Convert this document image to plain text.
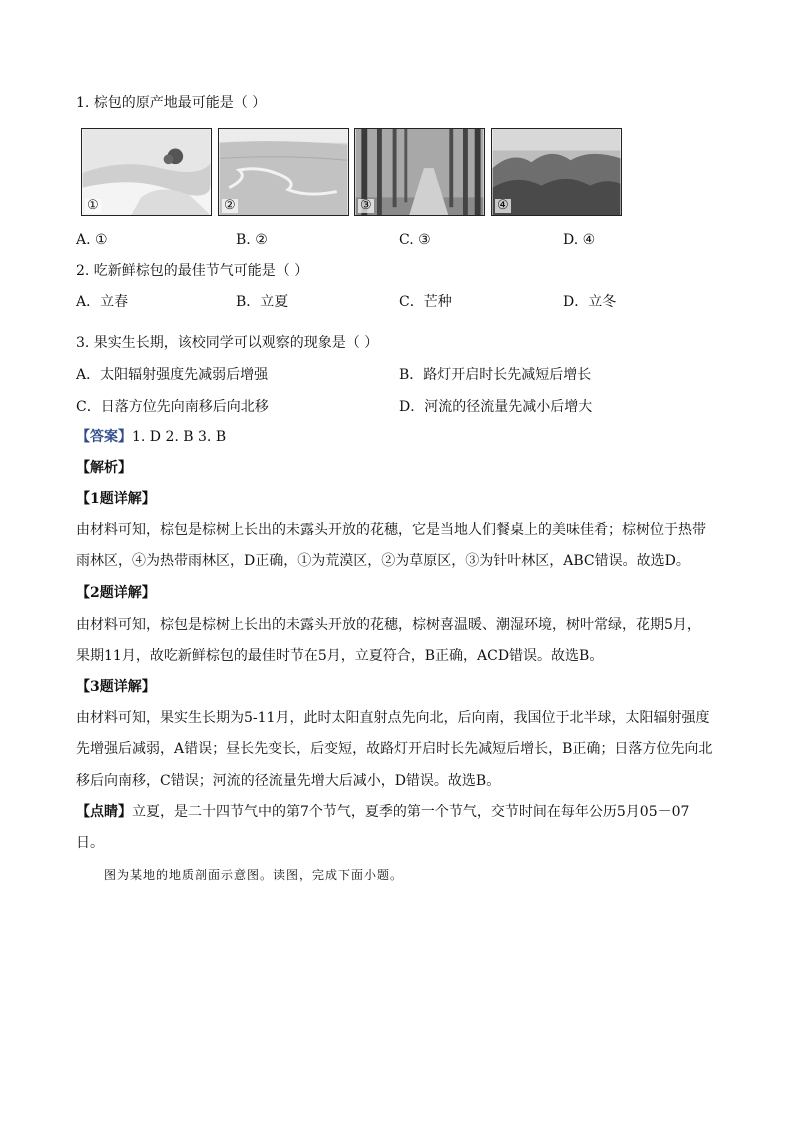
1. 棕包的原产地最可能是（ ）
①	②	③	④
A. ①	B. ②	C. ③	D. ④
2. 吃新鲜棕包的最佳节气可能是（ ）
A．立春	B．立夏	C．芒种	D．立冬
3. 果实生长期，该校同学可以观察的现象是（ ）
A．太阳辐射强度先减弱后增强	B．路灯开启时长先减短后增长
C．日落方位先向南移后向北移	D．河流的径流量先减小后增大
【答案】1. D 2. B 3. B
【解析】
【1题详解】
由材料可知，棕包是棕树上长出的未露头开放的花穗，它是当地人们餐桌上的美味佳肴；棕树位于热带
雨林区，④为热带雨林区，D正确，①为荒漠区，②为草原区，③为针叶林区，ABC错误。故选D。
【2题详解】
由材料可知，棕包是棕树上长出的未露头开放的花穗，棕树喜温暖、潮湿环境，树叶常绿，花期5月，
果期11月，故吃新鲜棕包的最佳时节在5月，立夏符合，B正确，ACD错误。故选B。
【3题详解】
由材料可知，果实生长期为5-11月，此时太阳直射点先向北，后向南，我国位于北半球，太阳辐射强度
先增强后减弱，A错误；昼长先变长，后变短，故路灯开启时长先减短后增长，B正确；日落方位先向北
移后向南移，C错误；河流的径流量先增大后减小，D错误。故选B。
【点睛】立夏，是二十四节气中的第7个节气，夏季的第一个节气，交节时间在每年公历5月05－07
日。
图为某地的地质剖面示意图。读图，完成下面小题。
